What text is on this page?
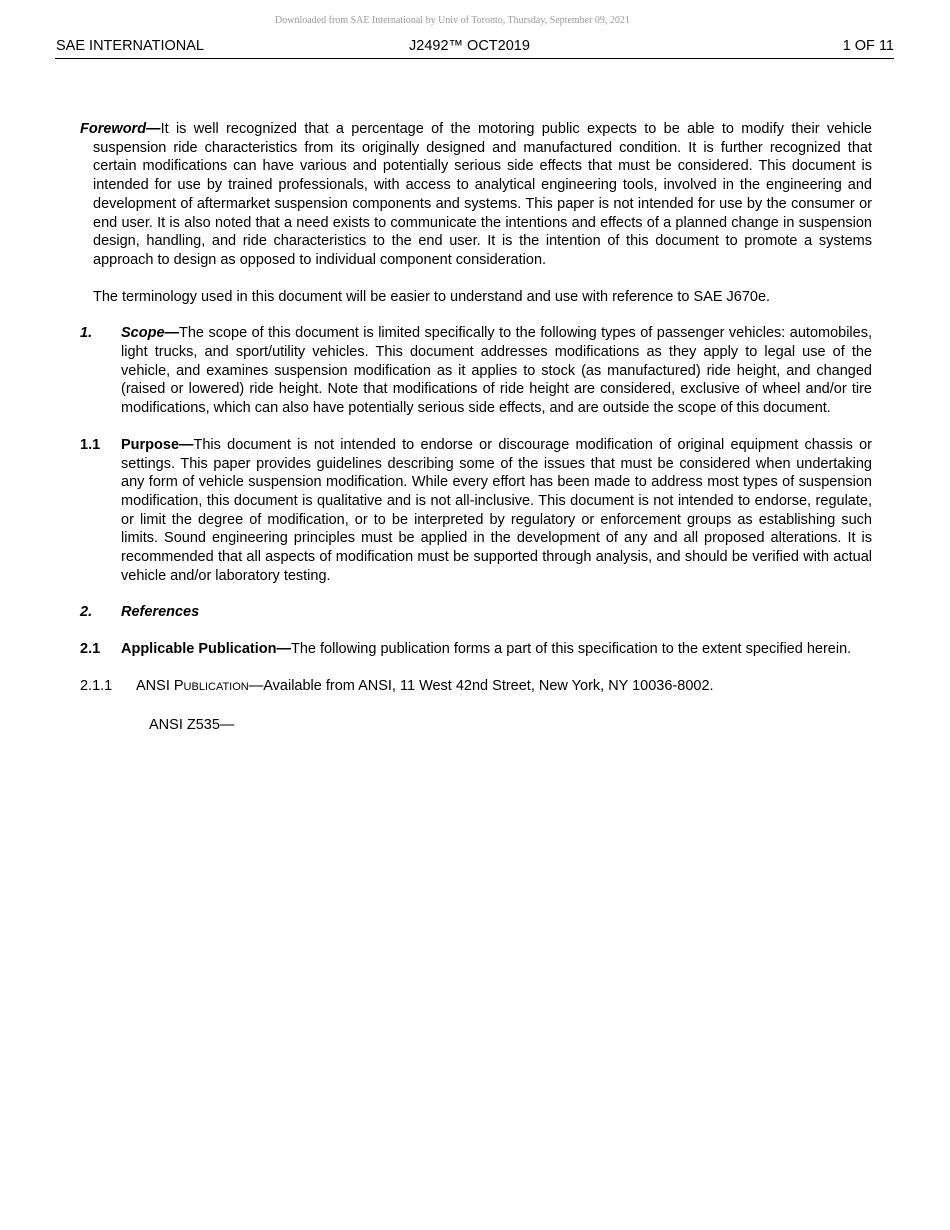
Downloaded from SAE International by Univ of Toronto, Thursday, September 09, 2021
SAE INTERNATIONAL	J2492™ OCT2019	1 OF 11

Foreword—It is well recognized that a percentage of the motoring public expects to be able to modify their vehicle suspension ride characteristics from its originally designed and manufactured condition. It is further recognized that certain modifications can have various and potentially serious side effects that must be considered. This document is intended for use by trained professionals, with access to analytical engineering tools, involved in the engineering and development of aftermarket suspension components and systems. This paper is not intended for use by the consumer or end user. It is also noted that a need exists to communicate the intentions and effects of a planned change in suspension design, handling, and ride characteristics to the end user. It is the intention of this document to promote a systems approach to design as opposed to individual component consideration.

The terminology used in this document will be easier to understand and use with reference to SAE J670e.

1. Scope—The scope of this document is limited specifically to the following types of passenger vehicles: automobiles, light trucks, and sport/utility vehicles. This document addresses modifications as they apply to legal use of the vehicle, and examines suspension modification as it applies to stock (as manufactured) ride height, and changed (raised or lowered) ride height. Note that modifications of ride height are considered, exclusive of wheel and/or tire modifications, which can also have potentially serious side effects, and are outside the scope of this document.

1.1 Purpose—This document is not intended to endorse or discourage modification of original equipment chassis or settings. This paper provides guidelines describing some of the issues that must be considered when undertaking any form of vehicle suspension modification. While every effort has been made to address most types of suspension modification, this document is qualitative and is not all-inclusive. This document is not intended to endorse, regulate, or limit the degree of modification, or to be interpreted by regulatory or enforcement groups as establishing such limits. Sound engineering principles must be applied in the development of any and all proposed alterations. It is recommended that all aspects of modification must be supported through analysis, and should be verified with actual vehicle and/or laboratory testing.

2. References

2.1 Applicable Publication—The following publication forms a part of this specification to the extent specified herein.

2.1.1 ANSI PUBLICATION—Available from ANSI, 11 West 42nd Street, New York, NY 10036-8002.

ANSI Z535—
